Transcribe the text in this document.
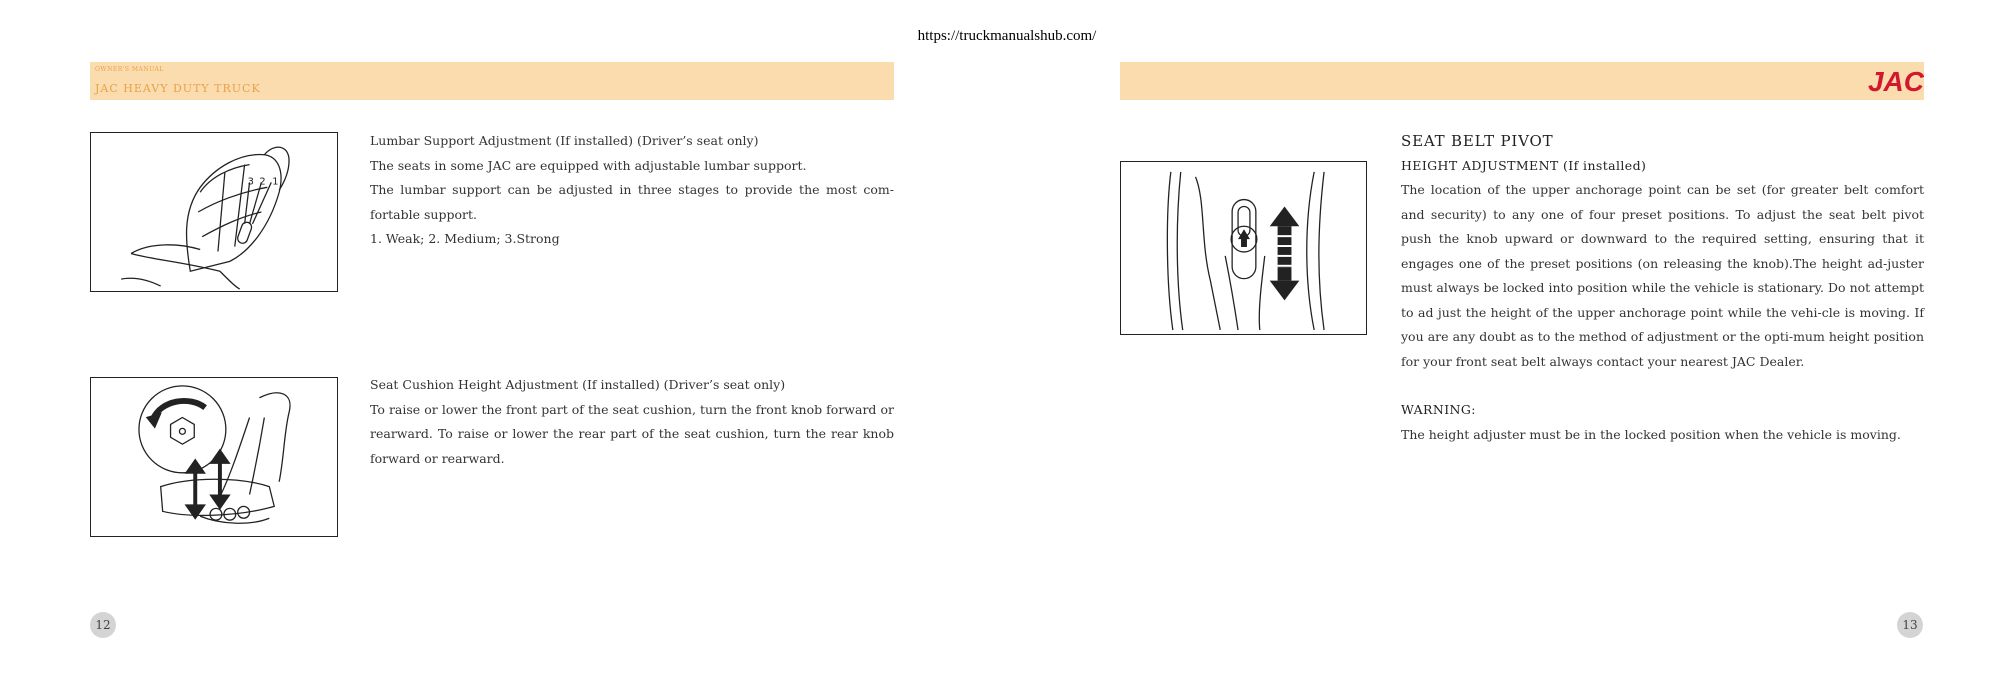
https://truckmanualshub.com/
OWNER'S MANUAL
JAC HEAVY DUTY TRUCK	JAC
3 2 1

Lumbar Support Adjustment (If installed) (Driver’s seat only)

The seats in some JAC are equipped with adjustable lumbar support.

The lumbar support can be adjusted in three stages to provide the most com-fortable support.

1. Weak; 2. Medium; 3.Strong

Seat Cushion Height Adjustment (If installed) (Driver’s seat only)

To raise or lower the front part of the seat cushion, turn the front knob forward or rearward. To raise or lower the rear part of the seat cushion, turn the rear knob forward or rearward.

12

SEAT BELT PIVOT

HEIGHT ADJUSTMENT (If installed)

The location of the upper anchorage point can be set (for greater belt comfort and security) to any one of four preset positions. To adjust the seat belt pivot push the knob upward or downward to the required setting, ensuring that it engages one of the preset positions (on releasing the knob).The height ad-juster must always be locked into position while the vehicle is stationary. Do not attempt to ad just the height of the upper anchorage point while the vehi-cle is moving. If you are any doubt as to the method of adjustment or the opti-mum height position for your front seat belt always contact your nearest JAC Dealer.

WARNING:

The height adjuster must be in the locked position when the vehicle is moving.

13
